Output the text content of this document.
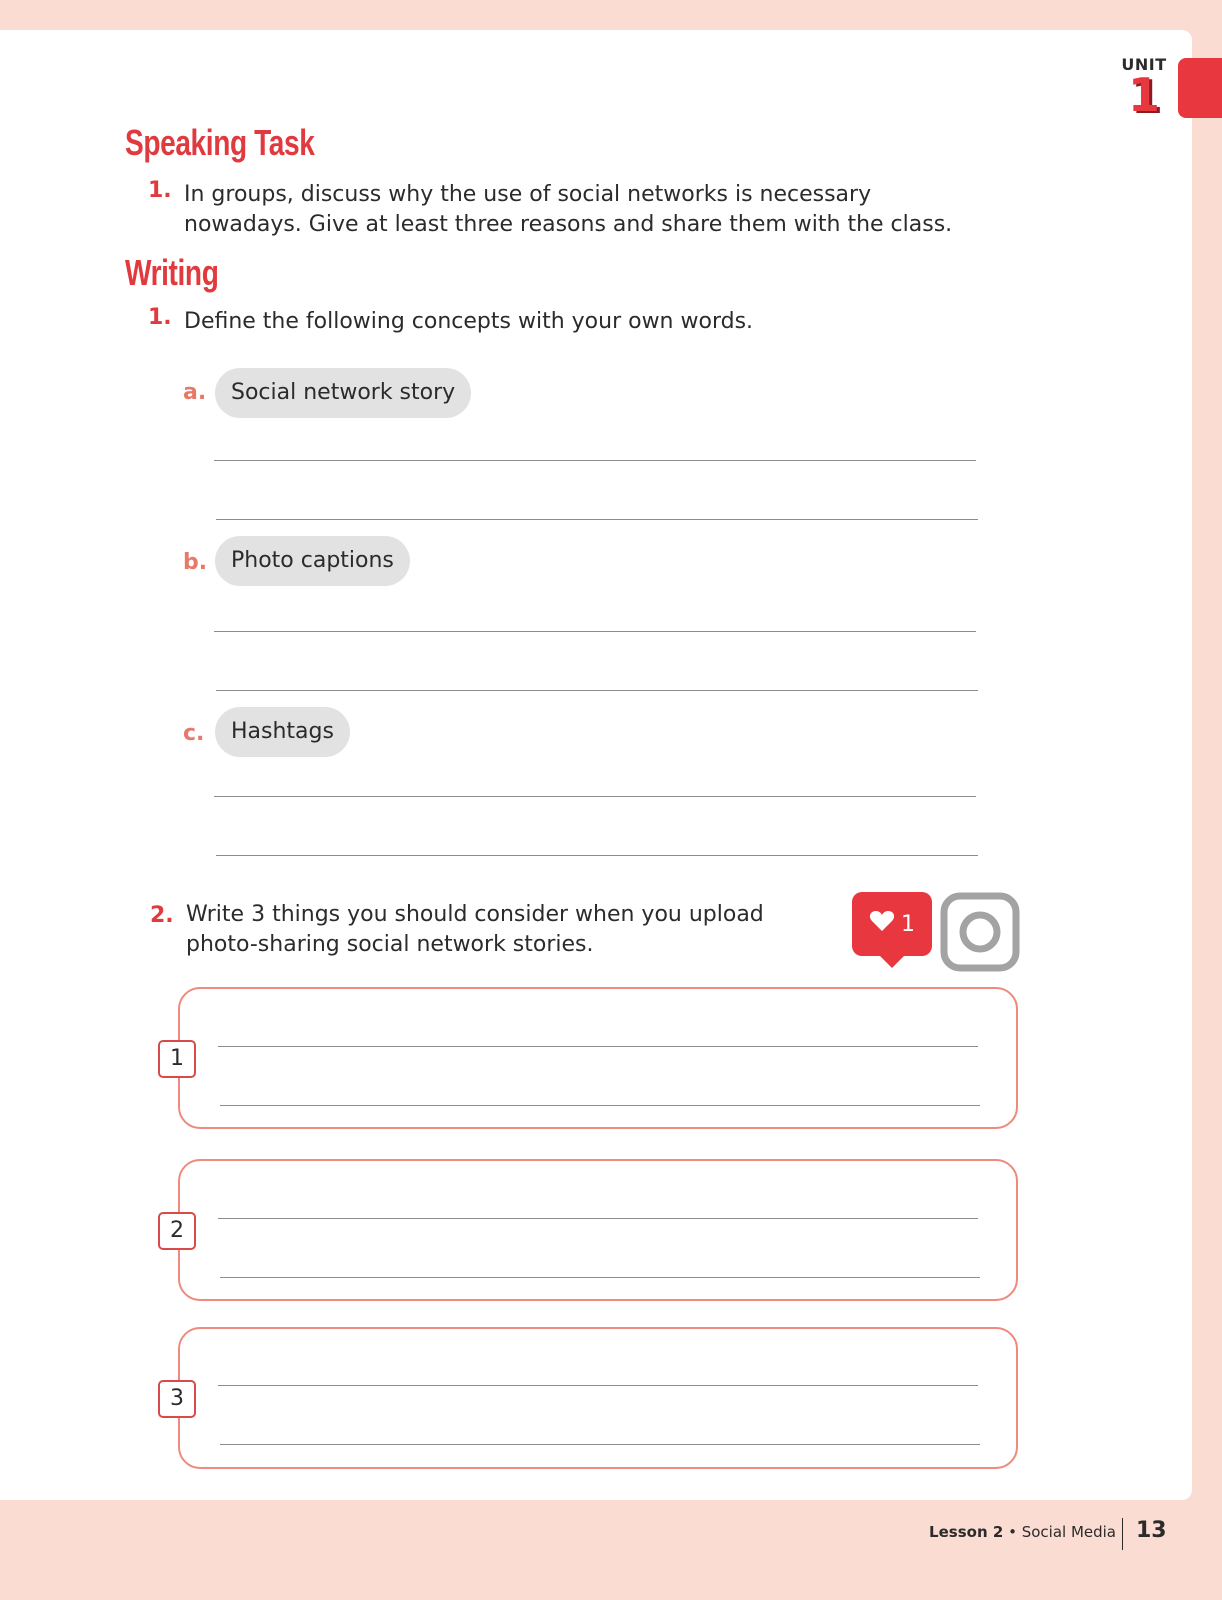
UNIT
1
Speaking Task
1. In groups, discuss why the use of social networks is necessary
nowadays. Give at least three reasons and share them with the class.
Writing
1. Define the following concepts with your own words.
a.	Social network story
b.	Photo captions
c.	Hashtags
2. Write 3 things you should consider when you upload
photo-sharing social network stories.
1
1
2
3
Lesson 2 • Social Media 13
